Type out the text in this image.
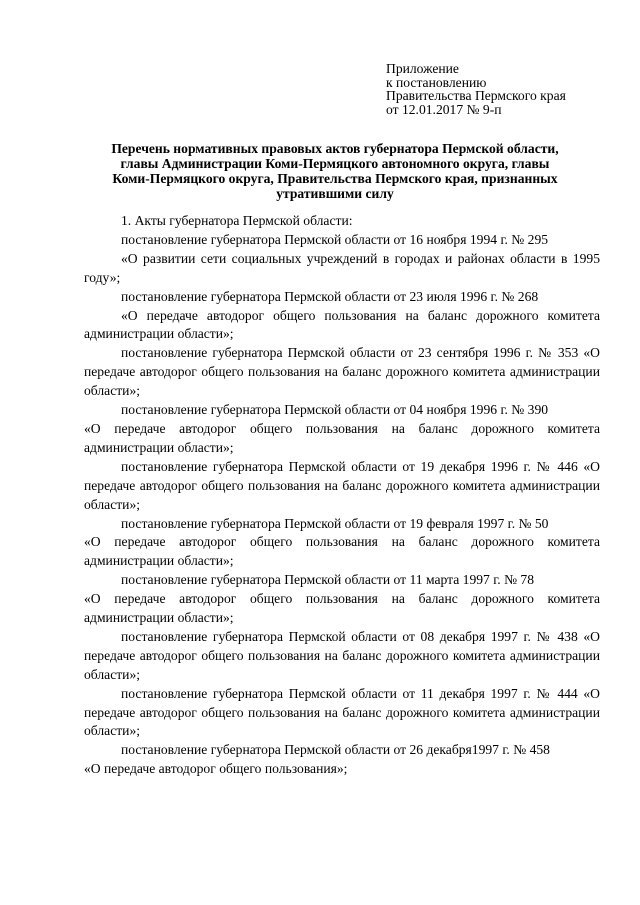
Приложение
к постановлению
Правительства Пермского края
от 12.01.2017 № 9-п
Перечень нормативных правовых актов губернатора Пермской области,
главы Администрации Коми-Пермяцкого автономного округа, главы
Коми-Пермяцкого округа, Правительства Пермского края, признанных
утратившими силу

1. Акты губернатора Пермской области:

постановление губернатора Пермской области от 16 ноября 1994 г. № 295

«О развитии сети социальных учреждений в городах и районах области в 1995 году»;

постановление губернатора Пермской области от 23 июля 1996 г. № 268

«О передаче автодорог общего пользования на баланс дорожного комитета администрации области»;

постановление губернатора Пермской области от 23 сентября 1996 г. № 353 «О передаче автодорог общего пользования на баланс дорожного комитета администрации области»;

постановление губернатора Пермской области от 04 ноября 1996 г. № 390

«О передаче автодорог общего пользования на баланс дорожного комитета администрации области»;

постановление губернатора Пермской области от 19 декабря 1996 г. № 446 «О передаче автодорог общего пользования на баланс дорожного комитета администрации области»;

постановление губернатора Пермской области от 19 февраля 1997 г. № 50

«О передаче автодорог общего пользования на баланс дорожного комитета администрации области»;

постановление губернатора Пермской области от 11 марта 1997 г. № 78

«О передаче автодорог общего пользования на баланс дорожного комитета администрации области»;

постановление губернатора Пермской области от 08 декабря 1997 г. № 438 «О передаче автодорог общего пользования на баланс дорожного комитета администрации области»;

постановление губернатора Пермской области от 11 декабря 1997 г. № 444 «О передаче автодорог общего пользования на баланс дорожного комитета администрации области»;

постановление губернатора Пермской области от 26 декабря1997 г. № 458

«О передаче автодорог общего пользования»;
